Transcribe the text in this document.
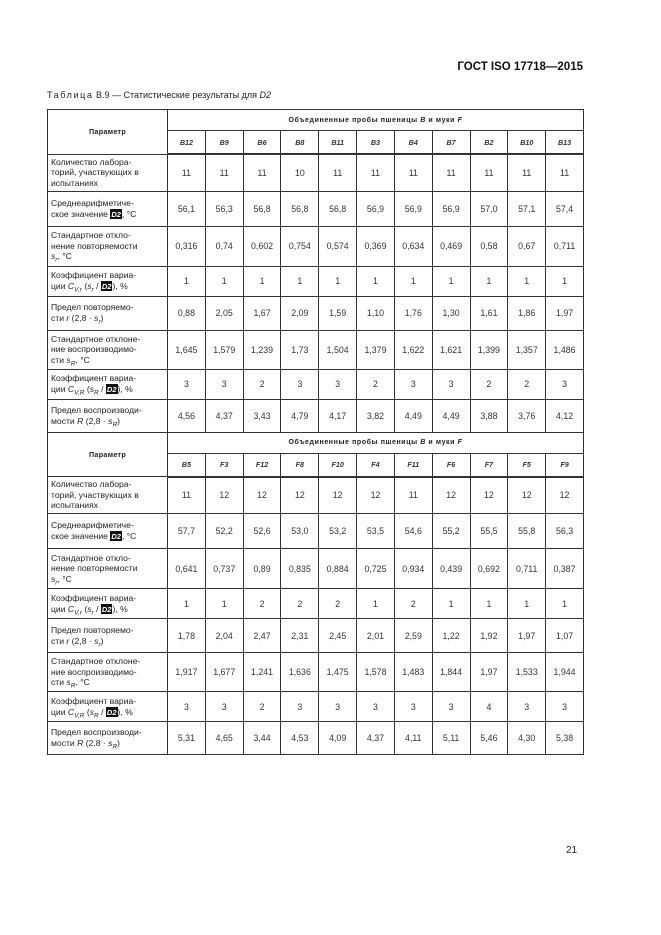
ГОСТ ISO 17718—2015
Таблица B.9 — Статистические результаты для D2
Параметр	Объединенные пробы пшеницы B и муки F										
	B12	B9	B6	B8	B11	B3	B4	B7	B2	B10	B13
Количество лабора-
торий, участвующих в
испытаниях	11	11	11	10	11	11	11	11	11	11	11
Среднеарифметиче-
ское значение D2, °C	56,1	56,3	56,8	56,8	56,8	56,9	56,9	56,9	57,0	57,1	57,4
Стандартное откло-
нение повторяемости
$s_r$, °C	0,316	0,74	0,602	0,754	0,574	0,369	0,634	0,469	0,58	0,67	0,711
Коэффициент вариа-
ции $C_{V,r}$ $(s_r / D2)$, %	1	1	1	1	1	1	1	1	1	1	1
Предел повторяемо-
сти r $(2,8 \cdot s_r)$	0,88	2,05	1,67	2,09	1,59	1,10	1,76	1,30	1,61	1,86	1,97
Стандартное отклоне-
ние воспроизводимо-
сти $s_R$, °C	1,645	1,579	1,239	1,73	1,504	1,379	1,622	1,621	1,399	1,357	1,486
Коэффициент вариа-
ции $C_{V,R}$ $(s_R / D2)$, %	3	3	2	3	3	2	3	3	2	2	3
Предел воспроизводи-
мости R $(2,8 \cdot s_R)$	4,56	4,37	3,43	4,79	4,17	3,82	4,49	4,49	3,88	3,76	4,12
Параметр	Объединенные пробы пшеницы B и муки F										
	B5	F3	F12	F8	F10	F4	F11	F6	F7	F5	F9
Количество лабора-
торий, участвующих в
испытаниях	11	12	12	12	12	12	11	12	12	12	12
Среднеарифметиче-
ское значение D2, °C	57,7	52,2	52,6	53,0	53,2	53,5	54,6	55,2	55,5	55,8	56,3
Стандартное откло-
нение повторяемости
$s_r$, °C	0,641	0,737	0,89	0,835	0,884	0,725	0,934	0,439	0,692	0,711	0,387
Коэффициент вариа-
ции $C_{V,r}$ $(s_r / D2)$, %	1	1	2	2	2	1	2	1	1	1	1
Предел повторяемо-
сти r $(2,8 \cdot s_r)$	1,78	2,04	2,47	2,31	2,45	2,01	2,59	1,22	1,92	1,97	1,07
Стандартное отклоне-
ние воспроизводимо-
сти $s_R$, °C	1,917	1,677	1,241	1,636	1,475	1,578	1,483	1,844	1,97	1,533	1,944
Коэффициент вариа-
ции $C_{V,R}$ $(s_R / D2)$, %	3	3	2	3	3	3	3	3	4	3	3
Предел воспроизводи-
мости R $(2,8 \cdot s_R)$	5,31	4,65	3,44	4,53	4,09	4,37	4,11	5,11	5,46	4,30	5,38
21
